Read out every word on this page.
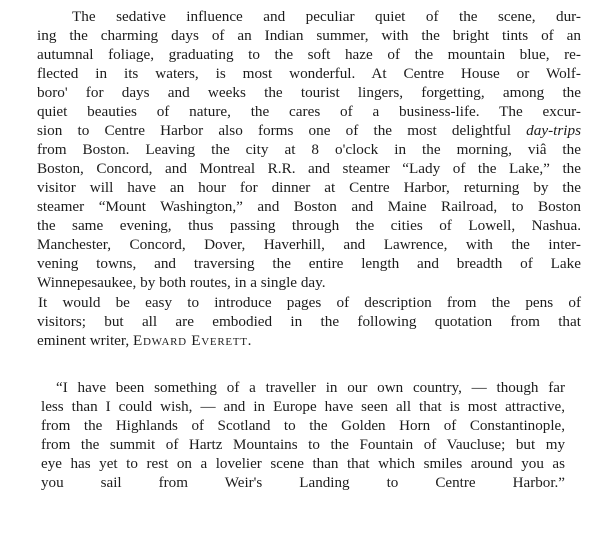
The sedative influence and peculiar quiet of the scene, dur-
ing the charming days of an Indian summer, with the bright tints of an
autumnal foliage, graduating to the soft haze of the mountain blue, re-
flected in its waters, is most wonderful. At Centre House or Wolf-
boro' for days and weeks the tourist lingers, forgetting, among the
quiet beauties of nature, the cares of a business-life. The excur-
sion to Centre Harbor also forms one of the most delightful day-trips
from Boston. Leaving the city at 8 o'clock in the morning, viâ the
Boston, Concord, and Montreal R.R. and steamer “Lady of the Lake,” the
visitor will have an hour for dinner at Centre Harbor, returning by the
steamer “Mount Washington,” and Boston and Maine Railroad, to Boston
the same evening, thus passing through the cities of Lowell, Nashua.
Manchester, Concord, Dover, Haverhill, and Lawrence, with the inter-
vening towns, and traversing the entire length and breadth of Lake
Winnepesaukee, by both routes, in a single day.
It would be easy to introduce pages of description from the pens of
visitors; but all are embodied in the following quotation from that
eminent writer, Edward Everett.
“I have been something of a traveller in our own country, — though far
less than I could wish, — and in Europe have seen all that is most attractive,
from the Highlands of Scotland to the Golden Horn of Constantinople,
from the summit of Hartz Mountains to the Fountain of Vaucluse; but my
eye has yet to rest on a lovelier scene than that which smiles around you as
you sail from Weir's Landing to Centre Harbor.”
